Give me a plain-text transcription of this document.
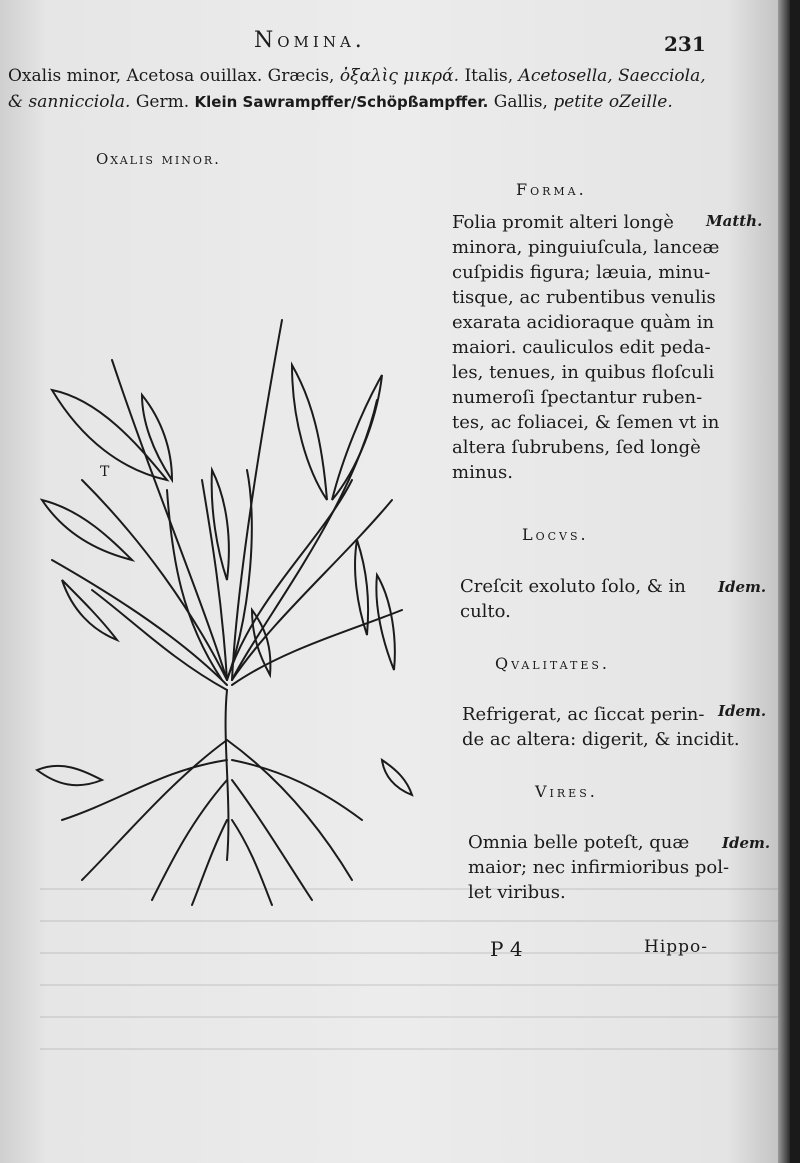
Nomina.	231
Oxalis minor, Acetosa ouillax. Græcis, ὀξαλὶς μικρά. Italis, Acetosella, Saecciola,
& sannicciola. Germ. Klein Sawrampffer/Schöpßampffer. Gallis, petite oZeille.
Oxalis minor.
T
Forma.
Folia promit alteri longè
minora, pinguiuſcula, lanceæ
cuſpidis figura; læuia, minu-
tisque, ac rubentibus venulis
exarata acidioraque quàm in
maiori. cauliculos edit peda-
les, tenues, in quibus floſculi
numeroſi ſpectantur ruben-
tes, ac foliacei, & ſemen vt in
altera ſubrubens, ſed longè
minus.
Matth.
Locvs.
Creſcit exoluto ſolo, & in
culto.
Idem.
Qvalitates.
Refrigerat, ac ſiccat perin-
de ac altera: digerit, & incidit.
Idem.
Vires.
Omnia belle poteſt, quæ
maior; nec infirmioribus pol-
let viribus.
Idem.
P 4	Hippo-
